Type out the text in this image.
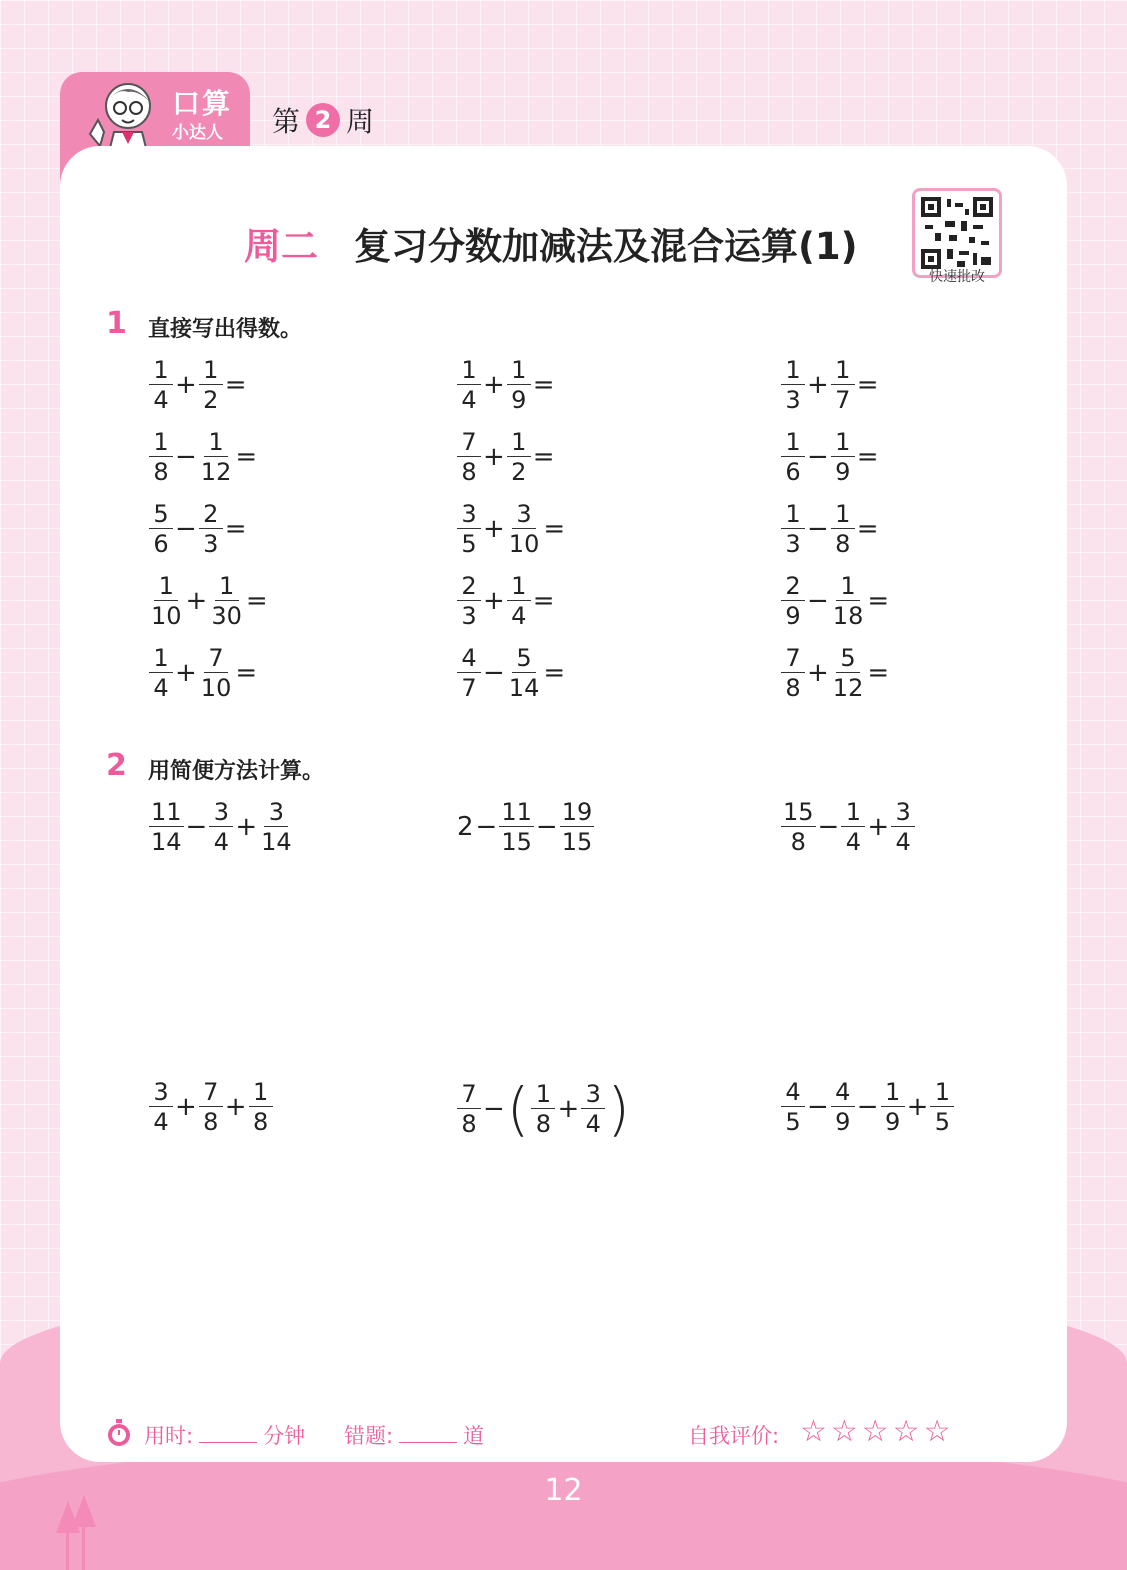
口算
小达人 第 2 周
周二 复习分数加减法及混合运算(1)
快速批改
1 直接写出得数。
$\frac{1}{4} + \frac{1}{2}$ =	$\frac{1}{4} + \frac{1}{9}$ =	$\frac{1}{3} + \frac{1}{7}$ =
$\frac{1}{8} - \frac{1}{12}$ =	$\frac{7}{8} + \frac{1}{2}$ =	$\frac{1}{6} - \frac{1}{9}$ =
$\frac{5}{6} - \frac{2}{3}$ =	$\frac{3}{5} + \frac{3}{10}$ =	$\frac{1}{3} - \frac{1}{8}$ =
$\frac{1}{10} + \frac{1}{30}$ =	$\frac{2}{3} + \frac{1}{4}$ =	$\frac{2}{9} - \frac{1}{18}$ =
$\frac{1}{4} + \frac{7}{10}$ =	$\frac{4}{7} - \frac{5}{14}$ =	$\frac{7}{8} + \frac{5}{12}$ =
2 用简便方法计算。
$\frac{11}{14} - \frac{3}{4} + \frac{3}{14}$	$2 - \frac{11}{15} - \frac{19}{15}$	$\frac{15}{8} - \frac{1}{4} + \frac{3}{4}$
$\frac{3}{4} + \frac{7}{8} + \frac{1}{8}$	$\frac{7}{8}$ − ( $\frac{1}{8} + \frac{3}{4}$ )	$\frac{4}{5} - \frac{4}{9} - \frac{1}{9} + \frac{1}{5}$
用时:	分钟 错题:	道	自我评价: ☆☆☆☆☆
12
